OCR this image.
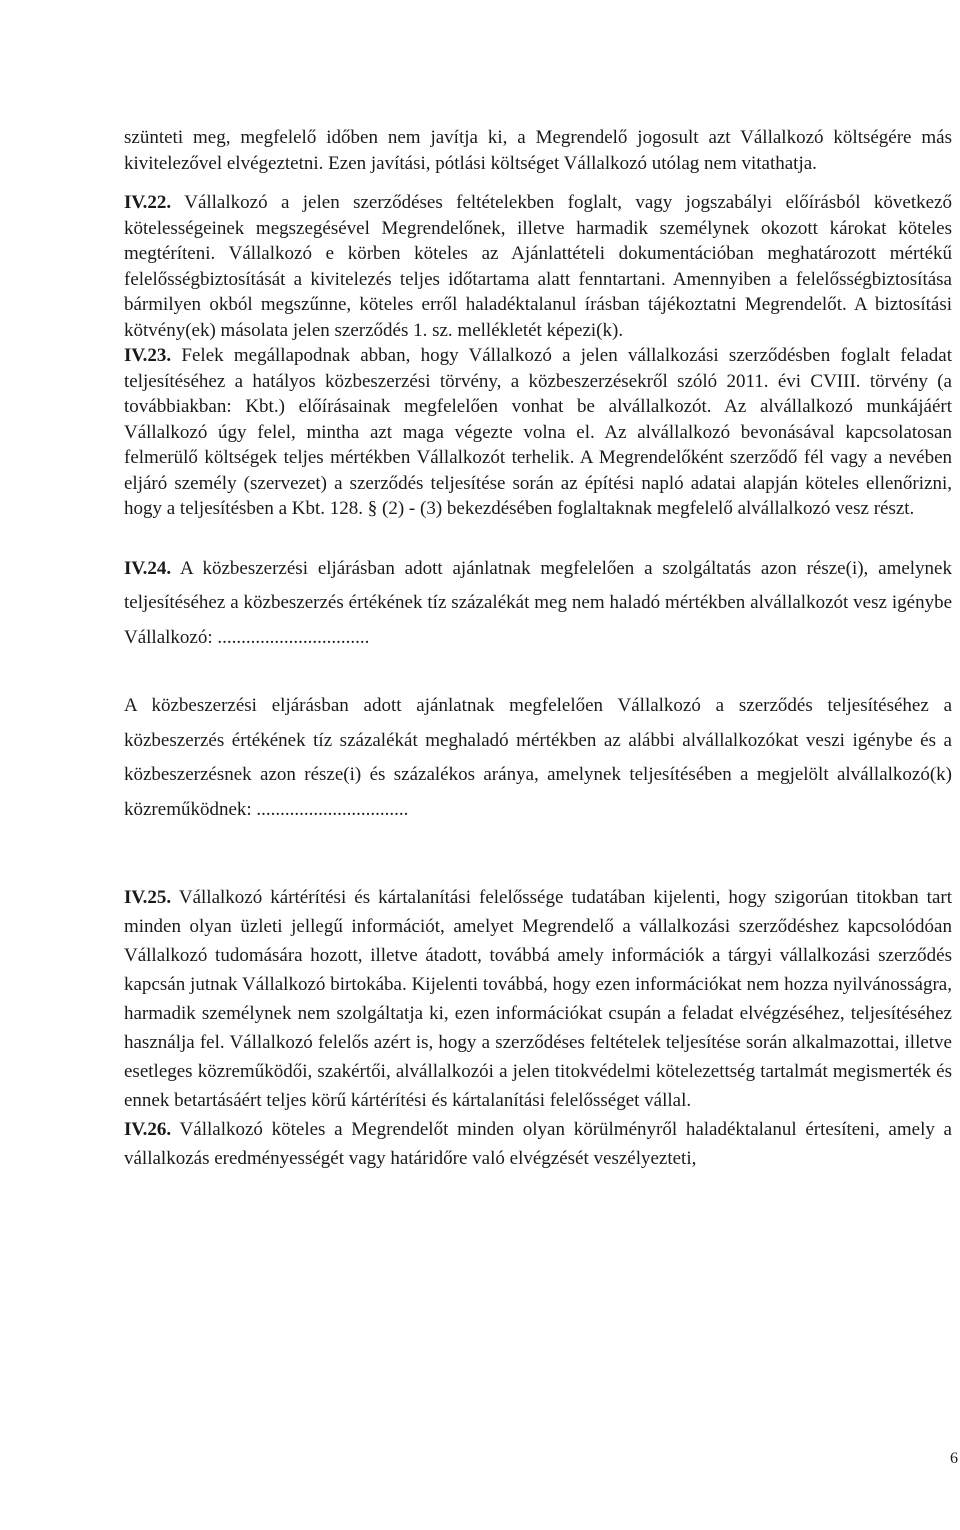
szünteti meg, megfelelő időben nem javítja ki, a Megrendelő jogosult azt Vállalkozó költségére más kivitelezővel elvégeztetni. Ezen javítási, pótlási költséget Vállalkozó utólag nem vitathatja.

IV.22. Vállalkozó a jelen szerződéses feltételekben foglalt, vagy jogszabályi előírásból következő kötelességeinek megszegésével Megrendelőnek, illetve harmadik személynek okozott károkat köteles megtéríteni. Vállalkozó e körben köteles az Ajánlattételi dokumentációban meghatározott mértékű felelősségbiztosítását a kivitelezés teljes időtartama alatt fenntartani. Amennyiben a felelősségbiztosítása bármilyen okból megszűnne, köteles erről haladéktalanul írásban tájékoztatni Megrendelőt. A biztosítási kötvény(ek) másolata jelen szerződés 1. sz. mellékletét képezi(k).

IV.23. Felek megállapodnak abban, hogy Vállalkozó a jelen vállalkozási szerződésben foglalt feladat teljesítéséhez a hatályos közbeszerzési törvény, a közbeszerzésekről szóló 2011. évi CVIII. törvény (a továbbiakban: Kbt.) előírásainak megfelelően vonhat be alvállalkozót. Az alvállalkozó munkájáért Vállalkozó úgy felel, mintha azt maga végezte volna el. Az alvállalkozó bevonásával kapcsolatosan felmerülő költségek teljes mértékben Vállalkozót terhelik. A Megrendelőként szerződő fél vagy a nevében eljáró személy (szervezet) a szerződés teljesítése során az építési napló adatai alapján köteles ellenőrizni, hogy a teljesítésben a Kbt. 128. § (2) - (3) bekezdésében foglaltaknak megfelelő alvállalkozó vesz részt.

IV.24. A közbeszerzési eljárásban adott ajánlatnak megfelelően a szolgáltatás azon része(i), amelynek teljesítéséhez a közbeszerzés értékének tíz százalékát meg nem haladó mértékben alvállalkozót vesz igénybe Vállalkozó: ................................

A közbeszerzési eljárásban adott ajánlatnak megfelelően Vállalkozó a szerződés teljesítéséhez a közbeszerzés értékének tíz százalékát meghaladó mértékben az alábbi alvállalkozókat veszi igénybe és a közbeszerzésnek azon része(i) és százalékos aránya, amelynek teljesítésében a megjelölt alvállalkozó(k) közreműködnek: ................................

IV.25. Vállalkozó kártérítési és kártalanítási felelőssége tudatában kijelenti, hogy szigorúan titokban tart minden olyan üzleti jellegű információt, amelyet Megrendelő a vállalkozási szerződéshez kapcsolódóan Vállalkozó tudomására hozott, illetve átadott, továbbá amely információk a tárgyi vállalkozási szerződés kapcsán jutnak Vállalkozó birtokába. Kijelenti továbbá, hogy ezen információkat nem hozza nyilvánosságra, harmadik személynek nem szolgáltatja ki, ezen információkat csupán a feladat elvégzéséhez, teljesítéséhez használja fel. Vállalkozó felelős azért is, hogy a szerződéses feltételek teljesítése során alkalmazottai, illetve esetleges közreműködői, szakértői, alvállalkozói a jelen titokvédelmi kötelezettség tartalmát megismerték és ennek betartásáért teljes körű kártérítési és kártalanítási felelősséget vállal.

IV.26. Vállalkozó köteles a Megrendelőt minden olyan körülményről haladéktalanul értesíteni, amely a vállalkozás eredményességét vagy határidőre való elvégzését veszélyezteti,

6
